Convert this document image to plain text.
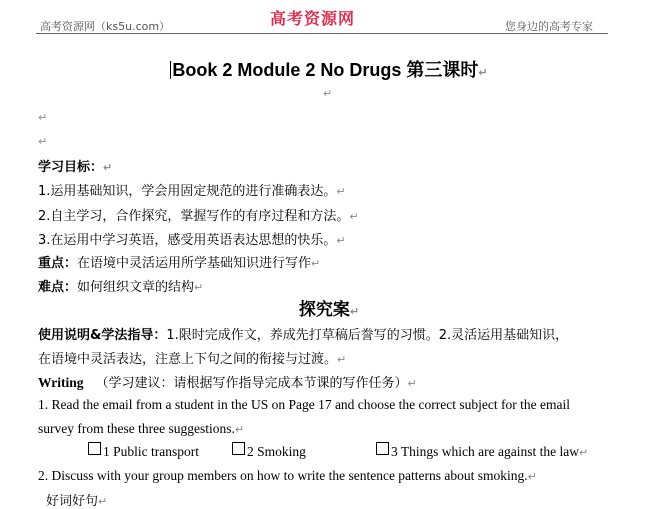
高考资源网（ks5u.com）	高考资源网	您身边的高考专家
Book 2 Module 2 No Drugs 第三课时↵
↵
↵
↵
学习目标：↵
1.运用基础知识，学会用固定规范的进行准确表达。↵
2.自主学习，合作探究，掌握写作的有序过程和方法。↵
3.在运用中学习英语，感受用英语表达思想的快乐。↵
重点：在语境中灵活运用所学基础知识进行写作↵
难点：如何组织文章的结构↵
探究案↵
使用说明&学法指导：1.限时完成作文，养成先打草稿后誊写的习惯。2.灵活运用基础知识，
在语境中灵活表达，注意上下句之间的衔接与过渡。↵
Writing （学习建议：请根据写作指导完成本节课的写作任务）↵
1. Read the email from a student in the US on Page 17 and choose the correct subject for the email
survey from these three suggestions.↵
1 Public transport	2 Smoking	3 Things which are against the law↵
2. Discuss with your group members on how to write the sentence patterns about smoking.↵
好词好句↵
